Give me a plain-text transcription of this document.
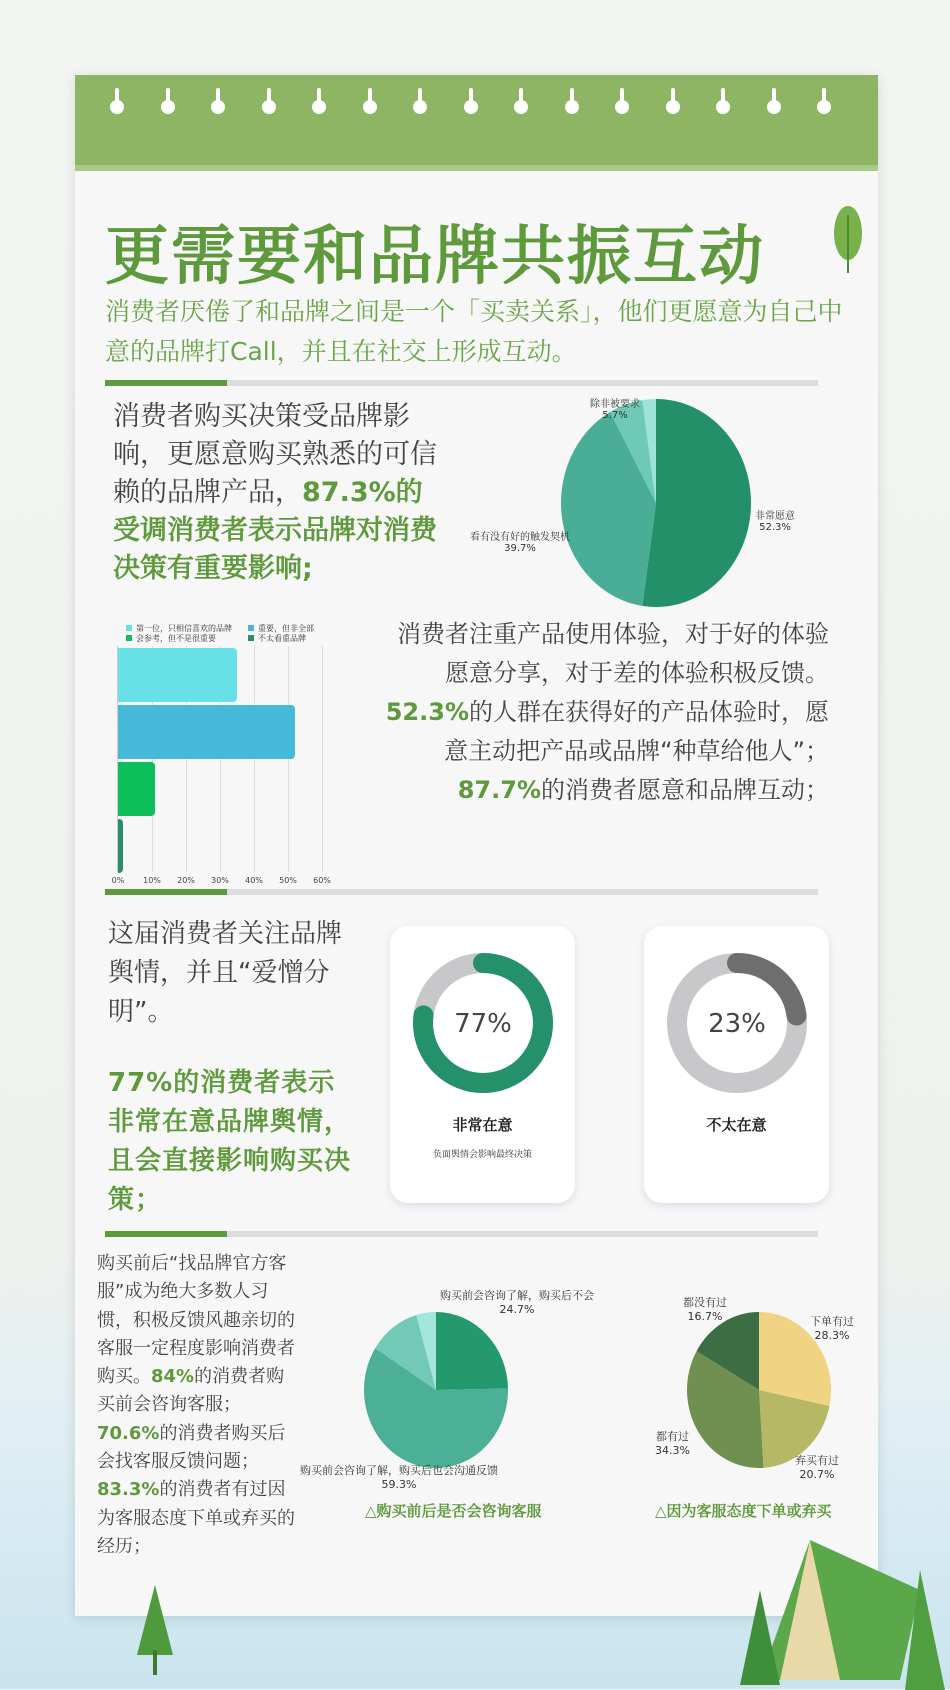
更需要和品牌共振互动
消费者厌倦了和品牌之间是一个「买卖关系」，他们更愿意为自己中意的品牌打Call，并且在社交上形成互动。
消费者购买决策受品牌影响，更愿意购买熟悉的可信赖的品牌产品，87.3%的受调消费者表示品牌对消费决策有重要影响;
除非被要求
5.7%
非常愿意
52.3%
看有没有好的触发契机
39.7%
0% 10% 20% 30% 40% 50% 60%
第一位，只相信喜欢的品牌	重要，但非全部
会参考，但不是很重要	不太看重品牌	消费者注重产品使用体验，对于好的体验愿意分享，对于差的体验积极反馈。52.3%的人群在获得好的产品体验时，愿意主动把产品或品牌“种草给他人”；87.7%的消费者愿意和品牌互动；
这届消费者关注品牌舆情，并且“爱憎分明”。
77%的消费者表示非常在意品牌舆情，且会直接影响购买决策；
77%
非常在意
负面舆情会影响最终决策
23%
不太在意
购买前后“找品牌官方客服”成为绝大多数人习惯，积极反馈风趣亲切的客服一定程度影响消费者购买。84%的消费者购买前会咨询客服；70.6%的消费者购买后会找客服反馈问题；83.3%的消费者有过因为客服态度下单或弃买的经历；
购买前会咨询了解，购买后不会
24.7%
购买前会咨询了解，购买后也会沟通反馈
59.3%
△购买前后是否会咨询客服
都没有过
16.7%	下单有过
28.3%
都有过
34.3%
弃买有过
20.7%
△因为客服态度下单或弃买
